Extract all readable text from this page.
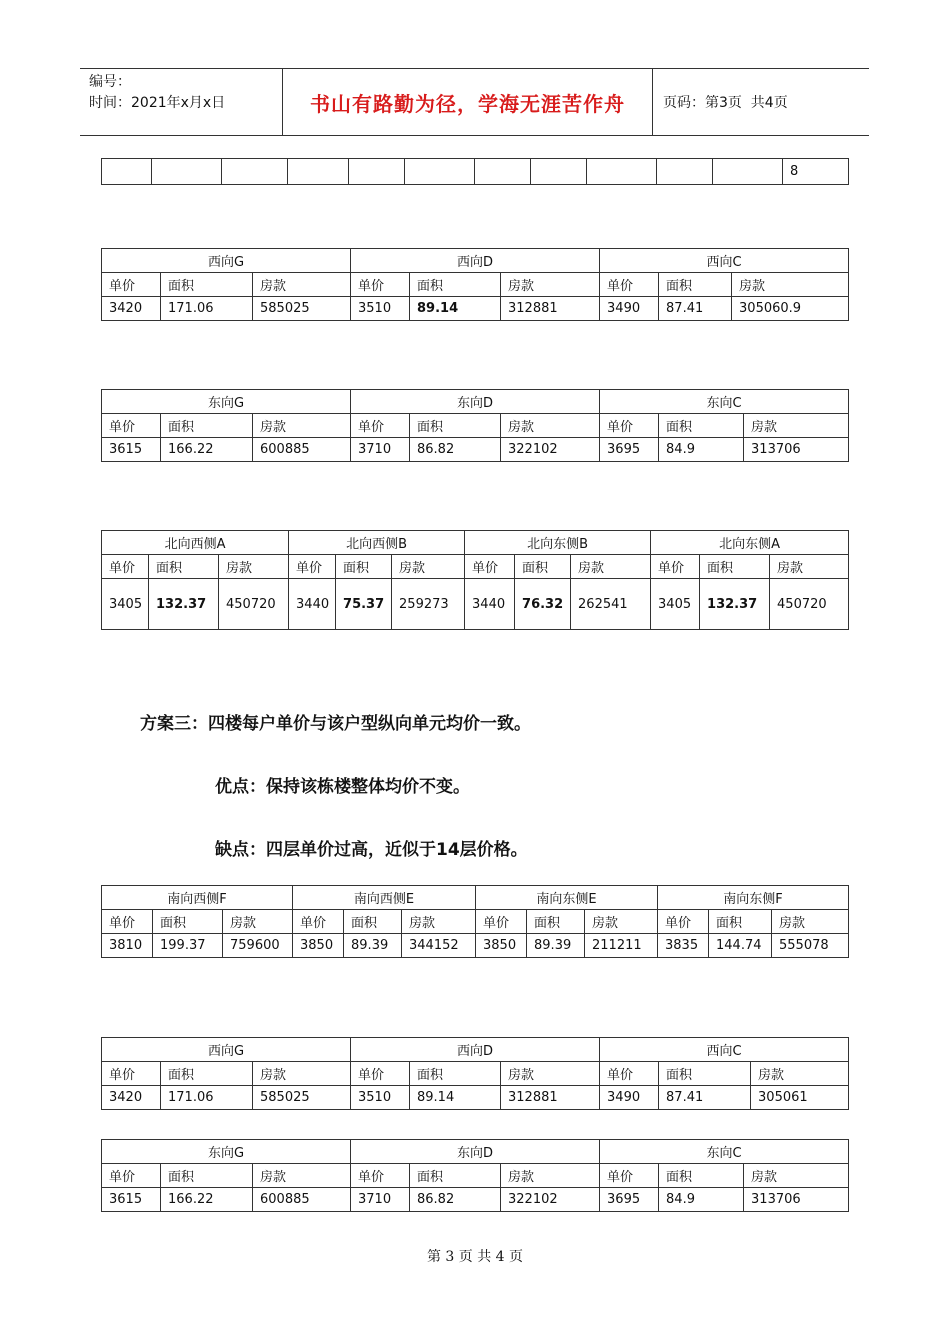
编号：
时间：2021年x月x日	书山有路勤为径，学海无涯苦作舟	页码：第3页  共4页
											8
西向G			西向D			西向C		
单价	面积	房款	单价	面积	房款	单价	面积	房款
3420	171.06	585025	3510	89.14	312881	3490	87.41	305060.9
东向G			东向D			东向C		
单价	面积	房款	单价	面积	房款	单价	面积	房款
3615	166.22	600885	3710	86.82	322102	3695	84.9	313706
北向西侧A			北向西侧B			北向东侧B			北向东侧A		
单价	面积	房款	单价	面积	房款	单价	面积	房款	单价	面积	房款
3405	132.37	450720	3440	75.37	259273	3440	76.32	262541	3405	132.37	450720
方案三：四楼每户单价与该户型纵向单元均价一致。
优点：保持该栋楼整体均价不变。
缺点：四层单价过高，近似于14层价格。
南向西侧F			南向西侧E			南向东侧E			南向东侧F		
单价	面积	房款	单价	面积	房款	单价	面积	房款	单价	面积	房款
3810	199.37	759600	3850	89.39	344152	3850	89.39	211211	3835	144.74	555078
西向G			西向D			西向C		
单价	面积	房款	单价	面积	房款	单价	面积	房款
3420	171.06	585025	3510	89.14	312881	3490	87.41	305061
东向G			东向D			东向C		
单价	面积	房款	单价	面积	房款	单价	面积	房款
3615	166.22	600885	3710	86.82	322102	3695	84.9	313706
第 3 页 共 4 页
